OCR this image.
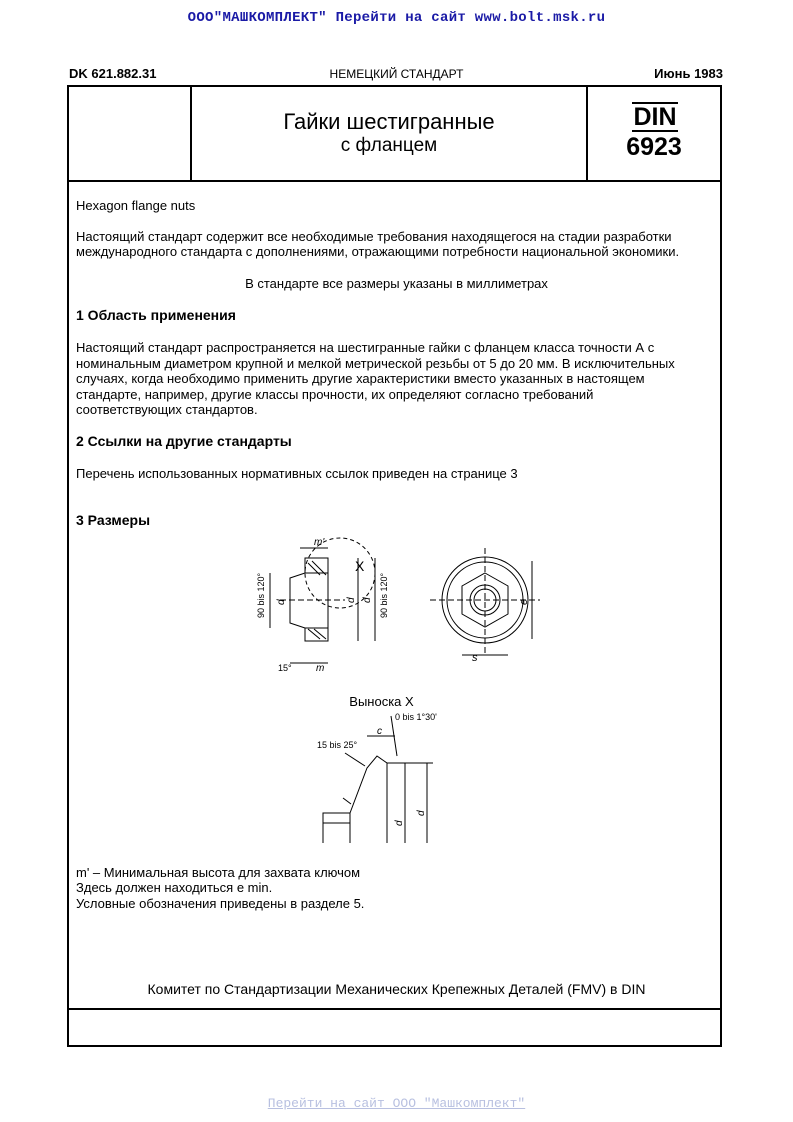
ООО"МАШКОМПЛЕКТ" Перейти на сайт www.bolt.msk.ru
DK 621.882.31	НЕМЕЦКИЙ СТАНДАРТ	Июнь 1983
Гайки шестигранные
с фланцем
DIN
6923
Hexagon flange nuts
Настоящий стандарт содержит все необходимые требования находящегося на стадии разработки
международного стандарта с дополнениями, отражающими потребности национальной экономики.
В стандарте все размеры указаны в миллиметрах
1 Область применения
Настоящий стандарт распространяется на шестигранные гайки с фланцем класса точности А с
номинальным диаметром крупной и мелкой метрической резьбы от 5 до 20 мм. В исключительных
случаях, когда необходимо применить другие характеристики вместо указанных в настоящем
стандарте, например, другие классы прочности, их определяют согласно требований
соответствующих стандартов.
2 Ссылки на другие стандарты
Перечень использованных нормативных ссылок приведен на странице 3
3 Размеры
m'
X
90 bis 120°	90 bis 120°
d	d d	e
s
m
15°
Выноска X
0 bis 1°30'
15 bis 25°
c
d
d
m' – Минимальная высота для захвата ключом
Здесь должен находиться e min.
Условные обозначения приведены в разделе 5.
Комитет по Стандартизации Механических Крепежных Деталей (FMV) в DIN
Перейти на сайт ООО "Машкомплект"
